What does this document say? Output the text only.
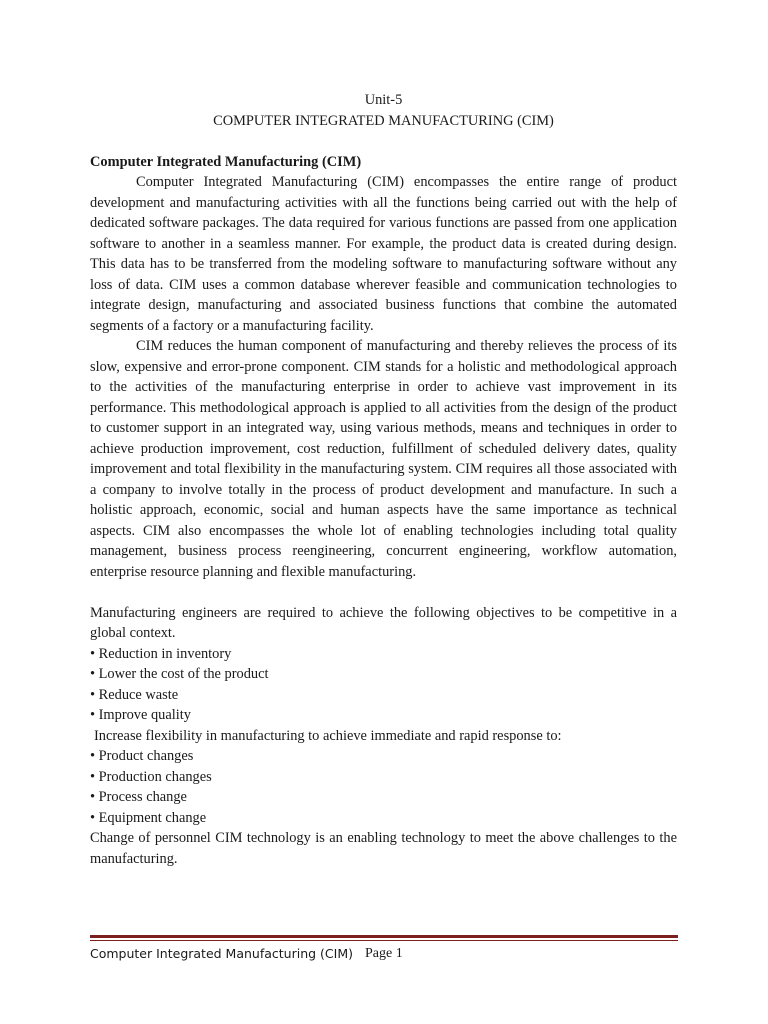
Unit-5
COMPUTER INTEGRATED MANUFACTURING (CIM)
Computer Integrated Manufacturing (CIM)

Computer Integrated Manufacturing (CIM) encompasses the entire range of product development and manufacturing activities with all the functions being carried out with the help of dedicated software packages. The data required for various functions are passed from one application software to another in a seamless manner. For example, the product data is created during design. This data has to be transferred from the modeling software to manufacturing software without any loss of data. CIM uses a common database wherever feasible and communication technologies to integrate design, manufacturing and associated business functions that combine the automated segments of a factory or a manufacturing facility.

CIM reduces the human component of manufacturing and thereby relieves the process of its slow, expensive and error-prone component. CIM stands for a holistic and methodological approach to the activities of the manufacturing enterprise in order to achieve vast improvement in its performance. This methodological approach is applied to all activities from the design of the product to customer support in an integrated way, using various methods, means and techniques in order to achieve production improvement, cost reduction, fulfillment of scheduled delivery dates, quality improvement and total flexibility in the manufacturing system. CIM requires all those associated with a company to involve totally in the process of product development and manufacture. In such a holistic approach, economic, social and human aspects have the same importance as technical aspects. CIM also encompasses the whole lot of enabling technologies including total quality management, business process reengineering, concurrent engineering, workflow automation, enterprise resource planning and flexible manufacturing.

Manufacturing engineers are required to achieve the following objectives to be competitive in a global context.

• Reduction in inventory
• Lower the cost of the product
• Reduce waste
• Improve quality

Increase flexibility in manufacturing to achieve immediate and rapid response to:

• Product changes
• Production changes
• Process change
• Equipment change

Change of personnel CIM technology is an enabling technology to meet the above challenges to the manufacturing.

Computer Integrated Manufacturing (CIM) Page 1
